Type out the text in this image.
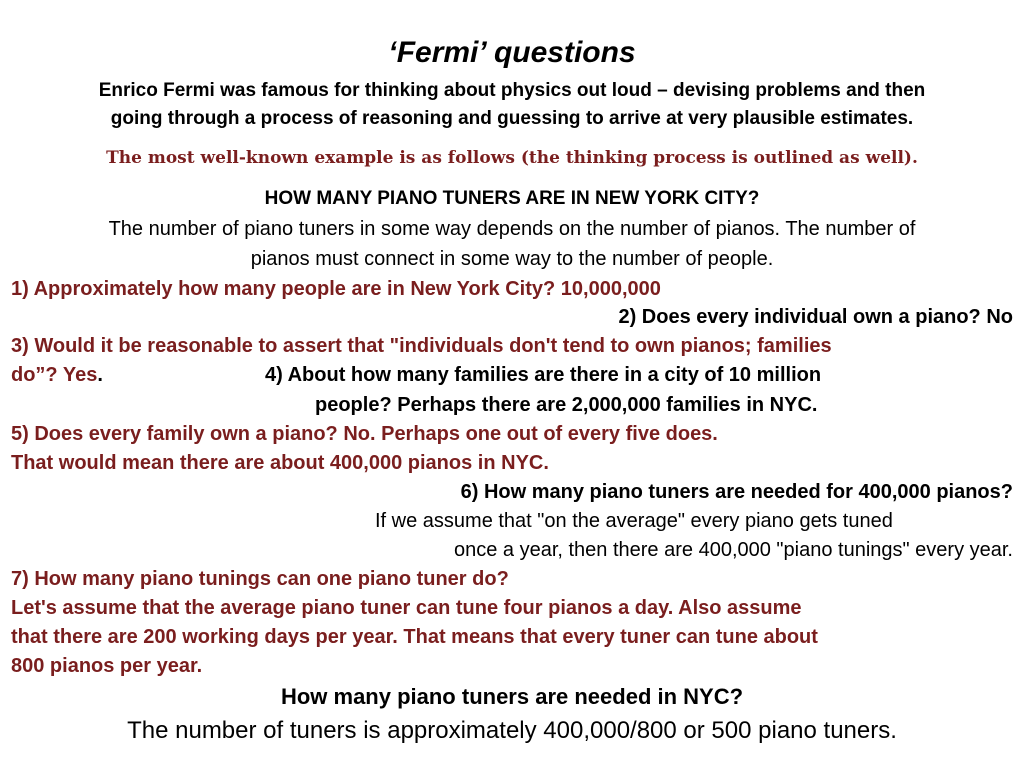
‘Fermi’ questions
Enrico Fermi was famous for thinking about physics out loud – devising problems and then
going through a process of reasoning and guessing to arrive at very plausible estimates.
The most well-known example is as follows (the thinking process is outlined as well).
HOW MANY PIANO TUNERS ARE IN NEW YORK CITY?
The number of piano tuners in some way depends on the number of pianos. The number of
pianos must connect in some way to the number of people.
1) Approximately how many people are in New York City? 10,000,000
2) Does every individual own a piano? No
3) Would it be reasonable to assert that "individuals don't tend to own pianos; families
do”? Yes.	4) About how many families are there in a city of 10 million
people? Perhaps there are 2,000,000 families in NYC.
5) Does every family own a piano? No. Perhaps one out of every five does.
That would mean there are about 400,000 pianos in NYC.
6) How many piano tuners are needed for 400,000 pianos?
If we assume that "on the average" every piano gets tuned
once a year, then there are 400,000 "piano tunings" every year.
7) How many piano tunings can one piano tuner do?
Let's assume that the average piano tuner can tune four pianos a day. Also assume
that there are 200 working days per year. That means that every tuner can tune about
800 pianos per year.
How many piano tuners are needed in NYC?
The number of tuners is approximately 400,000/800 or 500 piano tuners.
